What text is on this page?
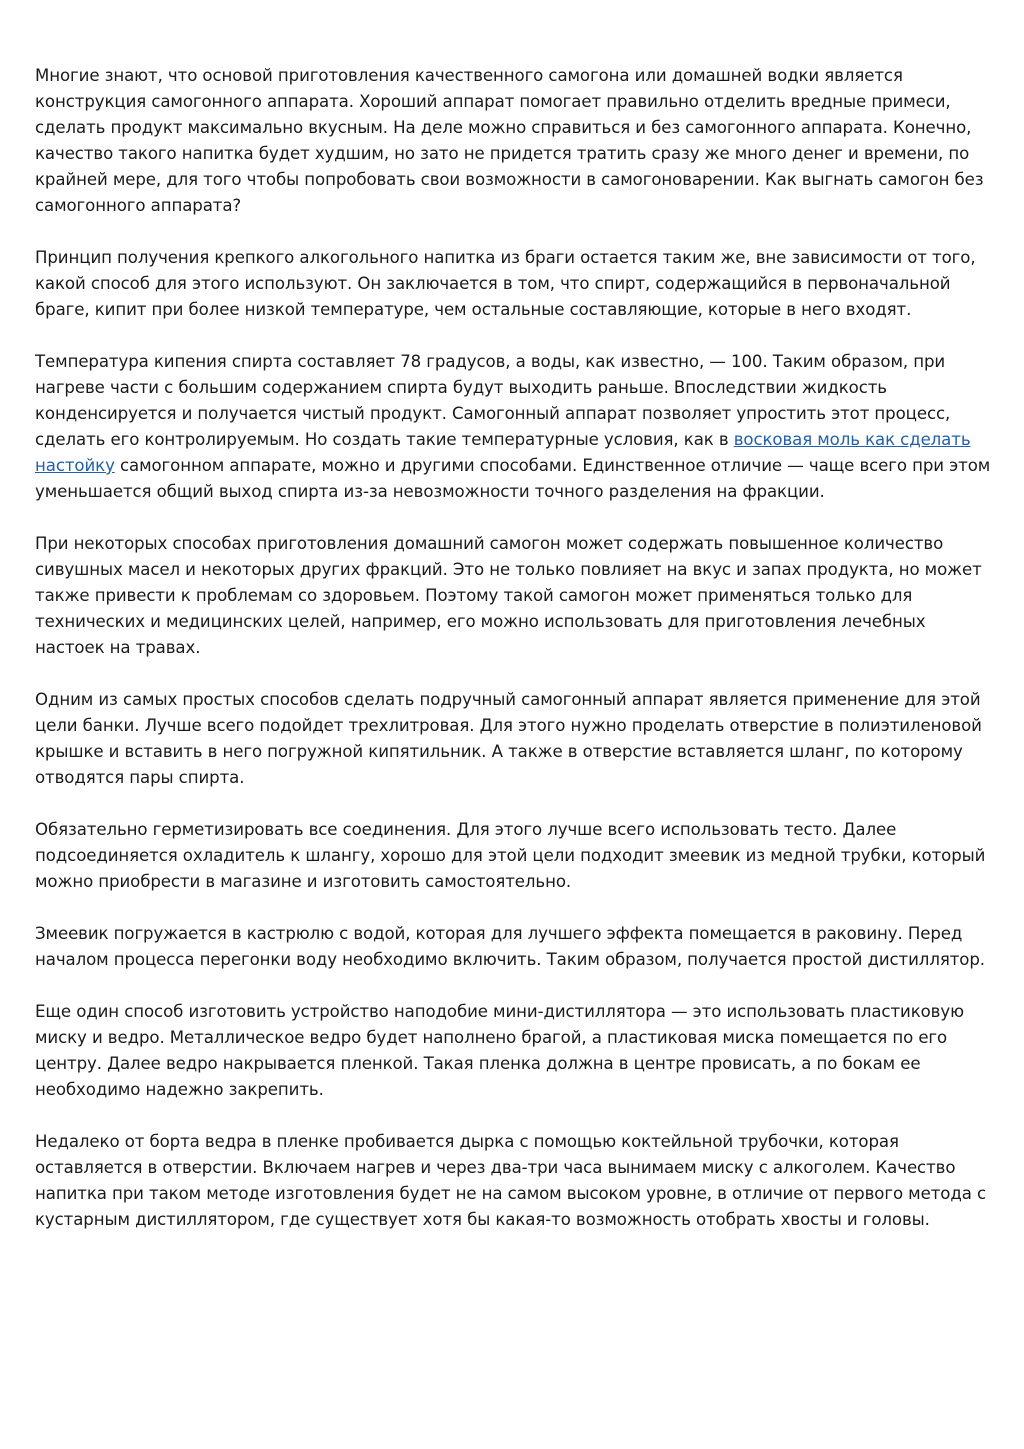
Многие знают, что основой приготовления качественного самогона или домашней водки является конструкция самогонного аппарата. Хороший аппарат помогает правильно отделить вредные примеси, сделать продукт максимально вкусным. На деле можно справиться и без самогонного аппарата. Конечно, качество такого напитка будет худшим, но зато не придется тратить сразу же много денег и времени, по крайней мере, для того чтобы попробовать свои возможности в самогоноварении. Как выгнать самогон без самогонного аппарата?

Принцип получения крепкого алкогольного напитка из браги остается таким же, вне зависимости от того, какой способ для этого используют. Он заключается в том, что спирт, содержащийся в первоначальной браге, кипит при более низкой температуре, чем остальные составляющие, которые в него входят.

Температура кипения спирта составляет 78 градусов, а воды, как известно, — 100. Таким образом, при нагреве части с большим содержанием спирта будут выходить раньше. Впоследствии жидкость конденсируется и получается чистый продукт. Самогонный аппарат позволяет упростить этот процесс, сделать его контролируемым. Но создать такие температурные условия, как в восковая моль как сделать настойку самогонном аппарате, можно и другими способами. Единственное отличие — чаще всего при этом уменьшается общий выход спирта из-за невозможности точного разделения на фракции.

При некоторых способах приготовления домашний самогон может содержать повышенное количество сивушных масел и некоторых других фракций. Это не только повлияет на вкус и запах продукта, но может также привести к проблемам со здоровьем. Поэтому такой самогон может применяться только для технических и медицинских целей, например, его можно использовать для приготовления лечебных настоек на травах.

Одним из самых простых способов сделать подручный самогонный аппарат является применение для этой цели банки. Лучше всего подойдет трехлитровая. Для этого нужно проделать отверстие в полиэтиленовой крышке и вставить в него погружной кипятильник. А также в отверстие вставляется шланг, по которому отводятся пары спирта.

Обязательно герметизировать все соединения. Для этого лучше всего использовать тесто. Далее подсоединяется охладитель к шлангу, хорошо для этой цели подходит змеевик из медной трубки, который можно приобрести в магазине и изготовить самостоятельно.

Змеевик погружается в кастрюлю с водой, которая для лучшего эффекта помещается в раковину. Перед началом процесса перегонки воду необходимо включить. Таким образом, получается простой дистиллятор.

Еще один способ изготовить устройство наподобие мини-дистиллятора — это использовать пластиковую миску и ведро. Металлическое ведро будет наполнено брагой, а пластиковая миска помещается по его центру. Далее ведро накрывается пленкой. Такая пленка должна в центре провисать, а по бокам ее необходимо надежно закрепить.

Недалеко от борта ведра в пленке пробивается дырка с помощью коктейльной трубочки, которая оставляется в отверстии. Включаем нагрев и через два-три часа вынимаем миску с алкоголем. Качество напитка при таком методе изготовления будет не на самом высоком уровне, в отличие от первого метода с кустарным дистиллятором, где существует хотя бы какая-то возможность отобрать хвосты и головы.
